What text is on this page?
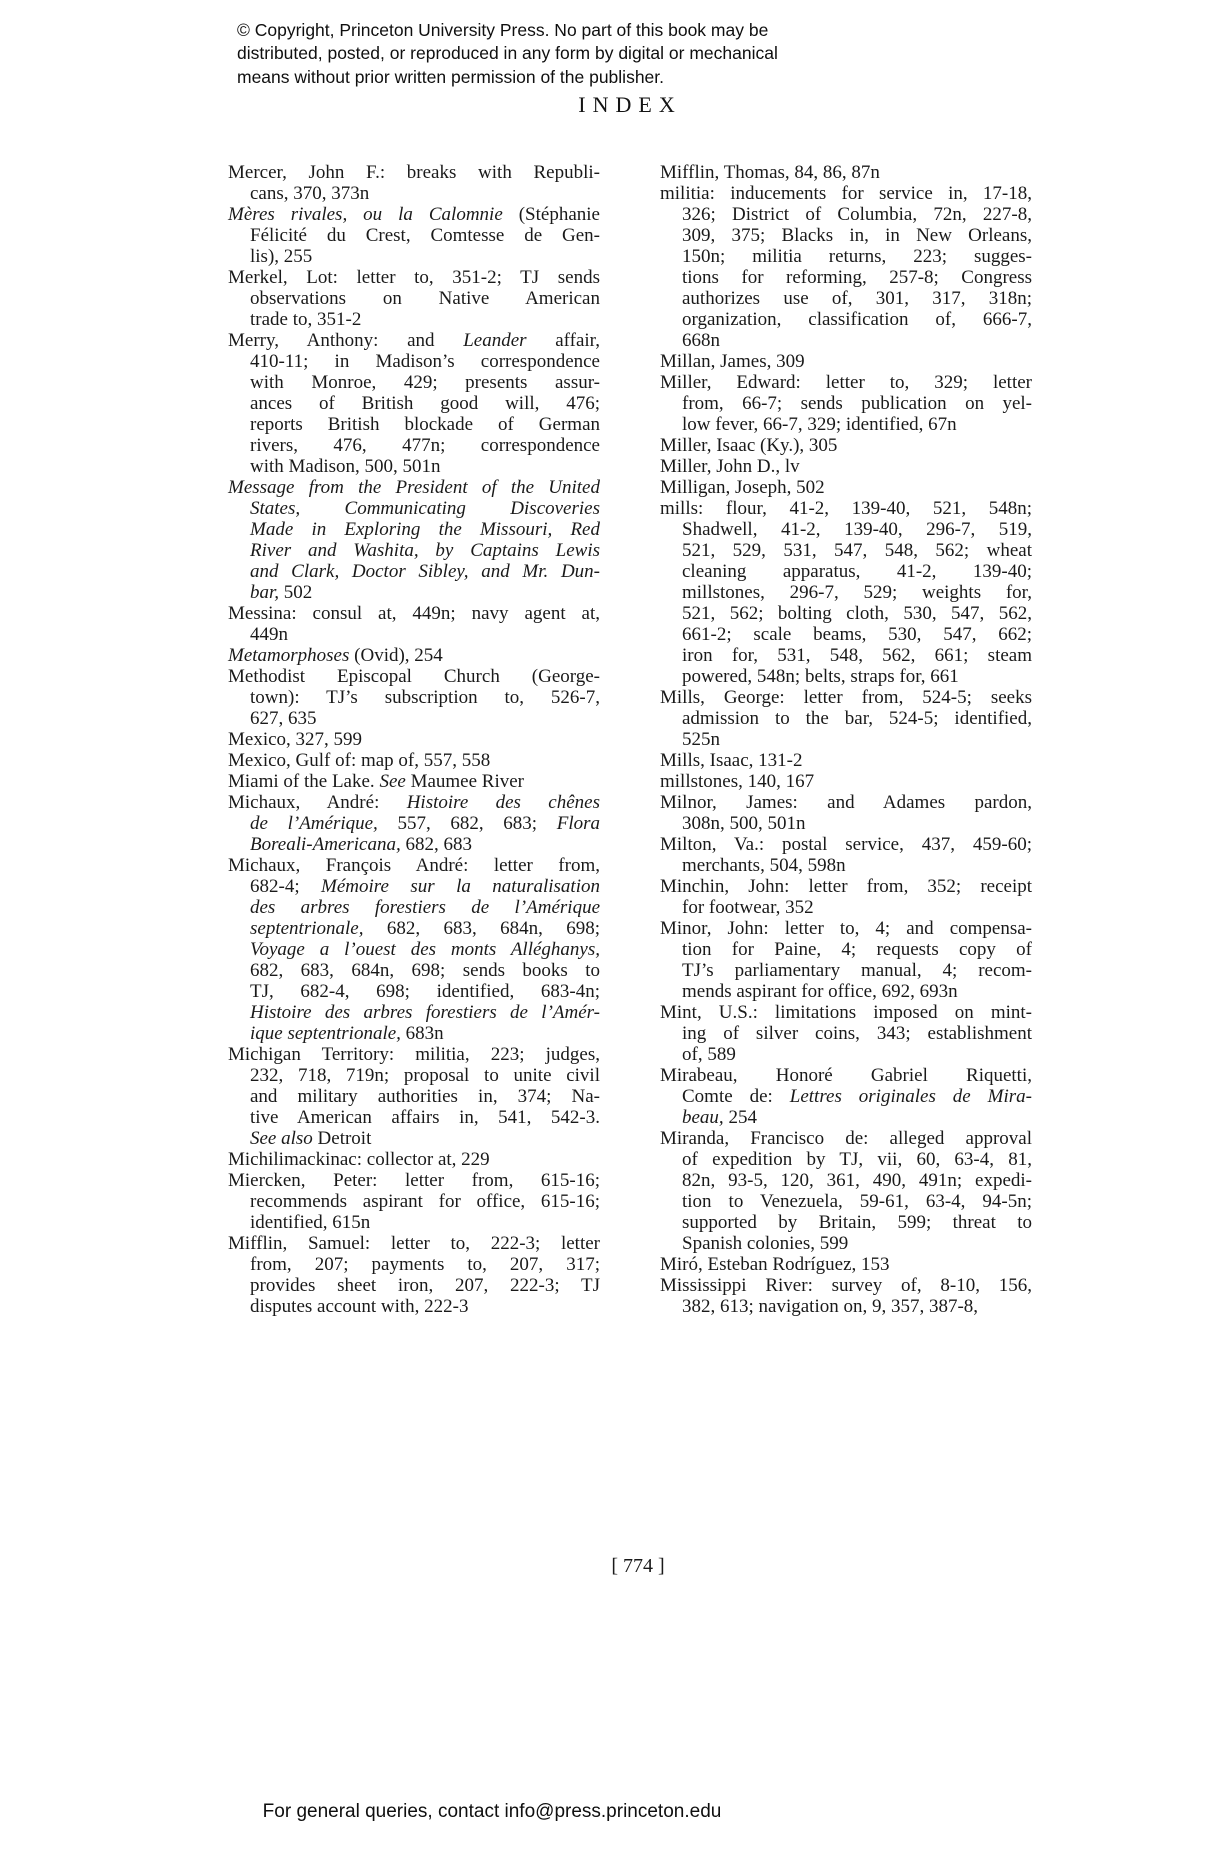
© Copyright, Princeton University Press. No part of this book may be
distributed, posted, or reproduced in any form by digital or mechanical
means without prior written permission of the publisher.
INDEX
Mercer, John F.: breaks with Republi-
cans, 370, 373n
Mères rivales, ou la Calomnie (Stéphanie
Félicité du Crest, Comtesse de Gen-
lis), 255
Merkel, Lot: letter to, 351-2; TJ sends
observations on Native American
trade to, 351-2
Merry, Anthony: and Leander affair,
410-11; in Madison’s correspondence
with Monroe, 429; presents assur-
ances of British good will, 476;
reports British blockade of German
rivers, 476, 477n; correspondence
with Madison, 500, 501n
Message from the President of the United
States, Communicating Discoveries
Made in Exploring the Missouri, Red
River and Washita, by Captains Lewis
and Clark, Doctor Sibley, and Mr. Dun-
bar, 502
Messina: consul at, 449n; navy agent at,
449n
Metamorphoses (Ovid), 254
Methodist Episcopal Church (George-
town): TJ’s subscription to, 526-7,
627, 635
Mexico, 327, 599
Mexico, Gulf of: map of, 557, 558
Miami of the Lake. See Maumee River
Michaux, André: Histoire des chênes
de l’Amérique, 557, 682, 683; Flora
Boreali-Americana, 682, 683
Michaux, François André: letter from,
682-4; Mémoire sur la naturalisation
des arbres forestiers de l’Amérique
septentrionale, 682, 683, 684n, 698;
Voyage a l’ouest des monts Alléghanys,
682, 683, 684n, 698; sends books to
TJ, 682-4, 698; identified, 683-4n;
Histoire des arbres forestiers de l’Amér-
ique septentrionale, 683n
Michigan Territory: militia, 223; judges,
232, 718, 719n; proposal to unite civil
and military authorities in, 374; Na-
tive American affairs in, 541, 542-3.
See also Detroit
Michilimackinac: collector at, 229
Miercken, Peter: letter from, 615-16;
recommends aspirant for office, 615-16;
identified, 615n
Mifflin, Samuel: letter to, 222-3; letter
from, 207; payments to, 207, 317;
provides sheet iron, 207, 222-3; TJ
disputes account with, 222-3
Mifflin, Thomas, 84, 86, 87n
militia: inducements for service in, 17-18,
326; District of Columbia, 72n, 227-8,
309, 375; Blacks in, in New Orleans,
150n; militia returns, 223; sugges-
tions for reforming, 257-8; Congress
authorizes use of, 301, 317, 318n;
organization, classification of, 666-7,
668n
Millan, James, 309
Miller, Edward: letter to, 329; letter
from, 66-7; sends publication on yel-
low fever, 66-7, 329; identified, 67n
Miller, Isaac (Ky.), 305
Miller, John D., lv
Milligan, Joseph, 502
mills: flour, 41-2, 139-40, 521, 548n;
Shadwell, 41-2, 139-40, 296-7, 519,
521, 529, 531, 547, 548, 562; wheat
cleaning apparatus, 41-2, 139-40;
millstones, 296-7, 529; weights for,
521, 562; bolting cloth, 530, 547, 562,
661-2; scale beams, 530, 547, 662;
iron for, 531, 548, 562, 661; steam
powered, 548n; belts, straps for, 661
Mills, George: letter from, 524-5; seeks
admission to the bar, 524-5; identified,
525n
Mills, Isaac, 131-2
millstones, 140, 167
Milnor, James: and Adames pardon,
308n, 500, 501n
Milton, Va.: postal service, 437, 459-60;
merchants, 504, 598n
Minchin, John: letter from, 352; receipt
for footwear, 352
Minor, John: letter to, 4; and compensa-
tion for Paine, 4; requests copy of
TJ’s parliamentary manual, 4; recom-
mends aspirant for office, 692, 693n
Mint, U.S.: limitations imposed on mint-
ing of silver coins, 343; establishment
of, 589
Mirabeau, Honoré Gabriel Riquetti,
Comte de: Lettres originales de Mira-
beau, 254
Miranda, Francisco de: alleged approval
of expedition by TJ, vii, 60, 63-4, 81,
82n, 93-5, 120, 361, 490, 491n; expedi-
tion to Venezuela, 59-61, 63-4, 94-5n;
supported by Britain, 599; threat to
Spanish colonies, 599
Miró, Esteban Rodríguez, 153
Mississippi River: survey of, 8-10, 156,
382, 613; navigation on, 9, 357, 387-8,
[ 774 ]
For general queries, contact info@press.princeton.edu
